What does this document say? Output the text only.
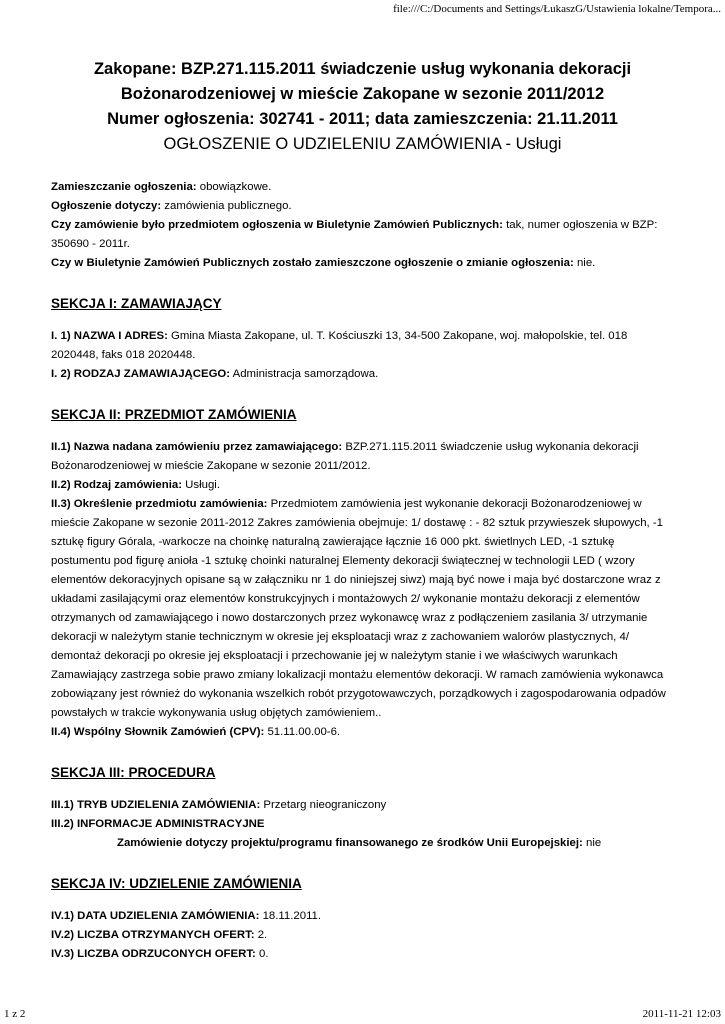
file:///C:/Documents and Settings/ŁukaszG/Ustawienia lokalne/Tempora...
Zakopane: BZP.271.115.2011 świadczenie usług wykonania dekoracji
Bożonarodzeniowej w mieście Zakopane w sezonie 2011/2012
Numer ogłoszenia: 302741 - 2011; data zamieszczenia: 21.11.2011
OGŁOSZENIE O UDZIELENIU ZAMÓWIENIA - Usługi

Zamieszczanie ogłoszenia: obowiązkowe.

Ogłoszenie dotyczy: zamówienia publicznego.

Czy zamówienie było przedmiotem ogłoszenia w Biuletynie Zamówień Publicznych: tak, numer ogłoszenia w BZP: 350690 - 2011r.

Czy w Biuletynie Zamówień Publicznych zostało zamieszczone ogłoszenie o zmianie ogłoszenia: nie.

SEKCJA I: ZAMAWIAJĄCY

I. 1) NAZWA I ADRES: Gmina Miasta Zakopane, ul. T. Kościuszki 13, 34-500 Zakopane, woj. małopolskie, tel. 018 2020448, faks 018 2020448.

I. 2) RODZAJ ZAMAWIAJĄCEGO: Administracja samorządowa.

SEKCJA II: PRZEDMIOT ZAMÓWIENIA

II.1) Nazwa nadana zamówieniu przez zamawiającego: BZP.271.115.2011 świadczenie usług wykonania dekoracji Bożonarodzeniowej w mieście Zakopane w sezonie 2011/2012.

II.2) Rodzaj zamówienia: Usługi.

II.3) Określenie przedmiotu zamówienia: Przedmiotem zamówienia jest wykonanie dekoracji Bożonarodzeniowej w mieście Zakopane w sezonie 2011-2012 Zakres zamówienia obejmuje: 1/ dostawę : - 82 sztuk przywieszek słupowych, -1 sztukę figury Górala, -warkocze na choinkę naturalną zawierające łącznie 16 000 pkt. świetlnych LED, -1 sztukę postumentu pod figurę anioła -1 sztukę choinki naturalnej Elementy dekoracji świątecznej w technologii LED ( wzory elementów dekoracyjnych opisane są w załączniku nr 1 do niniejszej siwz) mają być nowe i maja być dostarczone wraz z układami zasilającymi oraz elementów konstrukcyjnych i montażowych 2/ wykonanie montażu dekoracji z elementów otrzymanych od zamawiającego i nowo dostarczonych przez wykonawcę wraz z podłączeniem zasilania 3/ utrzymanie dekoracji w należytym stanie technicznym w okresie jej eksploatacji wraz z zachowaniem walorów plastycznych, 4/ demontaż dekoracji po okresie jej eksploatacji i przechowanie jej w należytym stanie i we właściwych warunkach Zamawiający zastrzega sobie prawo zmiany lokalizacji montażu elementów dekoracji. W ramach zamówienia wykonawca zobowiązany jest również do wykonania wszelkich robót przygotowawczych, porządkowych i zagospodarowania odpadów powstałych w trakcie wykonywania usług objętych zamówieniem..

II.4) Wspólny Słownik Zamówień (CPV): 51.11.00.00-6.

SEKCJA III: PROCEDURA

III.1) TRYB UDZIELENIA ZAMÓWIENIA: Przetarg nieograniczony

III.2) INFORMACJE ADMINISTRACYJNE

Zamówienie dotyczy projektu/programu finansowanego ze środków Unii Europejskiej: nie

SEKCJA IV: UDZIELENIE ZAMÓWIENIA

IV.1) DATA UDZIELENIA ZAMÓWIENIA: 18.11.2011.

IV.2) LICZBA OTRZYMANYCH OFERT: 2.

IV.3) LICZBA ODRZUCONYCH OFERT: 0.

1 z 2	2011-11-21 12:03
